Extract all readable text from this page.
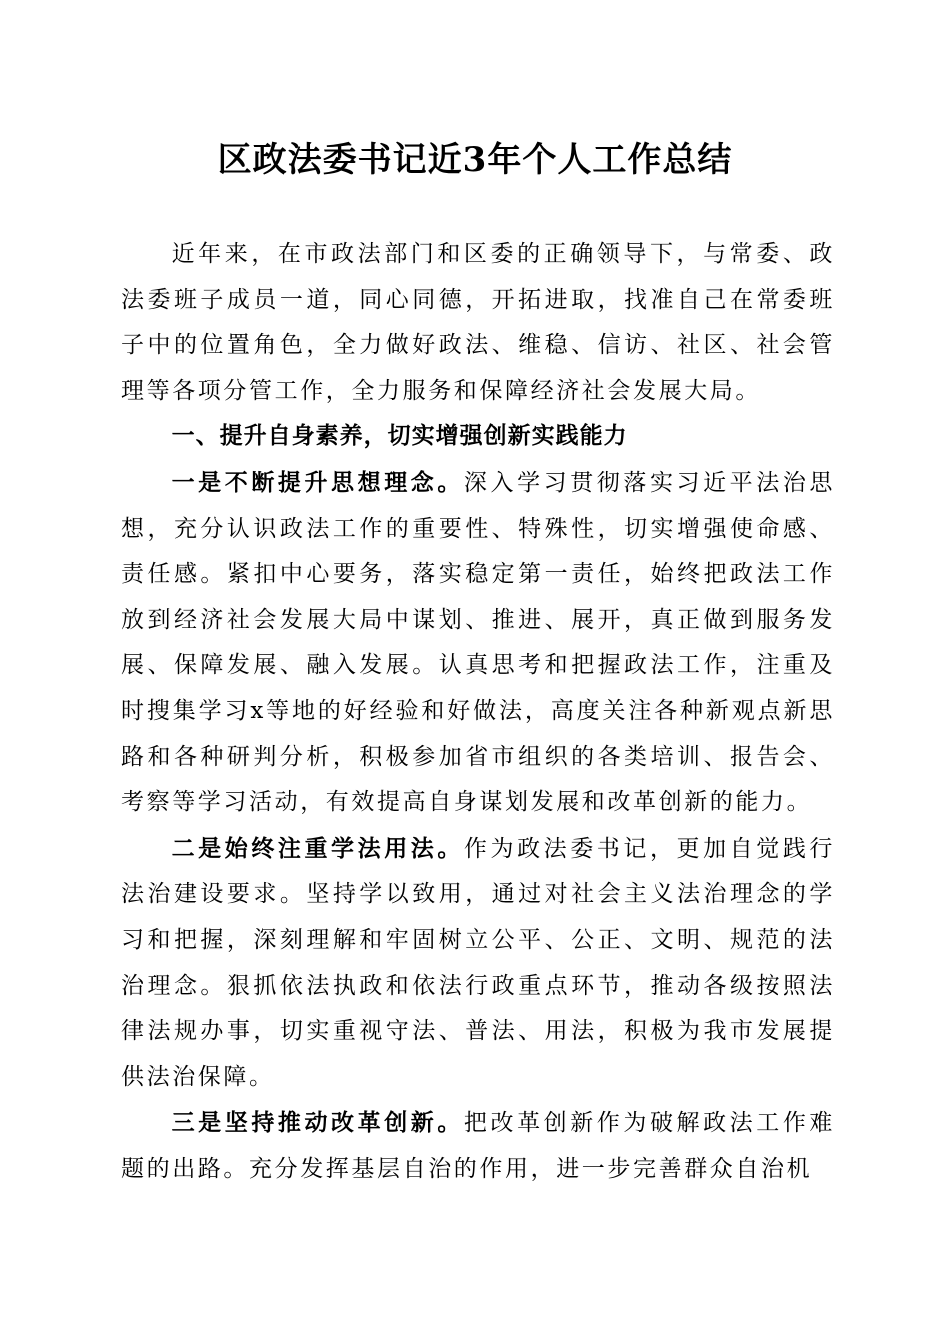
区政法委书记近3年个人工作总结

近年来，在市政法部门和区委的正确领导下，与常委、政法委班子成员一道，同心同德，开拓进取，找准自己在常委班子中的位置角色，全力做好政法、维稳、信访、社区、社会管理等各项分管工作，全力服务和保障经济社会发展大局。

一、提升自身素养，切实增强创新实践能力

一是不断提升思想理念。深入学习贯彻落实习近平法治思想，充分认识政法工作的重要性、特殊性，切实增强使命感、责任感。紧扣中心要务，落实稳定第一责任，始终把政法工作放到经济社会发展大局中谋划、推进、展开，真正做到服务发展、保障发展、融入发展。认真思考和把握政法工作，注重及时搜集学习x等地的好经验和好做法，高度关注各种新观点新思路和各种研判分析，积极参加省市组织的各类培训、报告会、考察等学习活动，有效提高自身谋划发展和改革创新的能力。

二是始终注重学法用法。作为政法委书记，更加自觉践行法治建设要求。坚持学以致用，通过对社会主义法治理念的学习和把握，深刻理解和牢固树立公平、公正、文明、规范的法治理念。狠抓依法执政和依法行政重点环节，推动各级按照法律法规办事，切实重视守法、普法、用法，积极为我市发展提供法治保障。

三是坚持推动改革创新。把改革创新作为破解政法工作难题的出路。充分发挥基层自治的作用，进一步完善群众自治机
